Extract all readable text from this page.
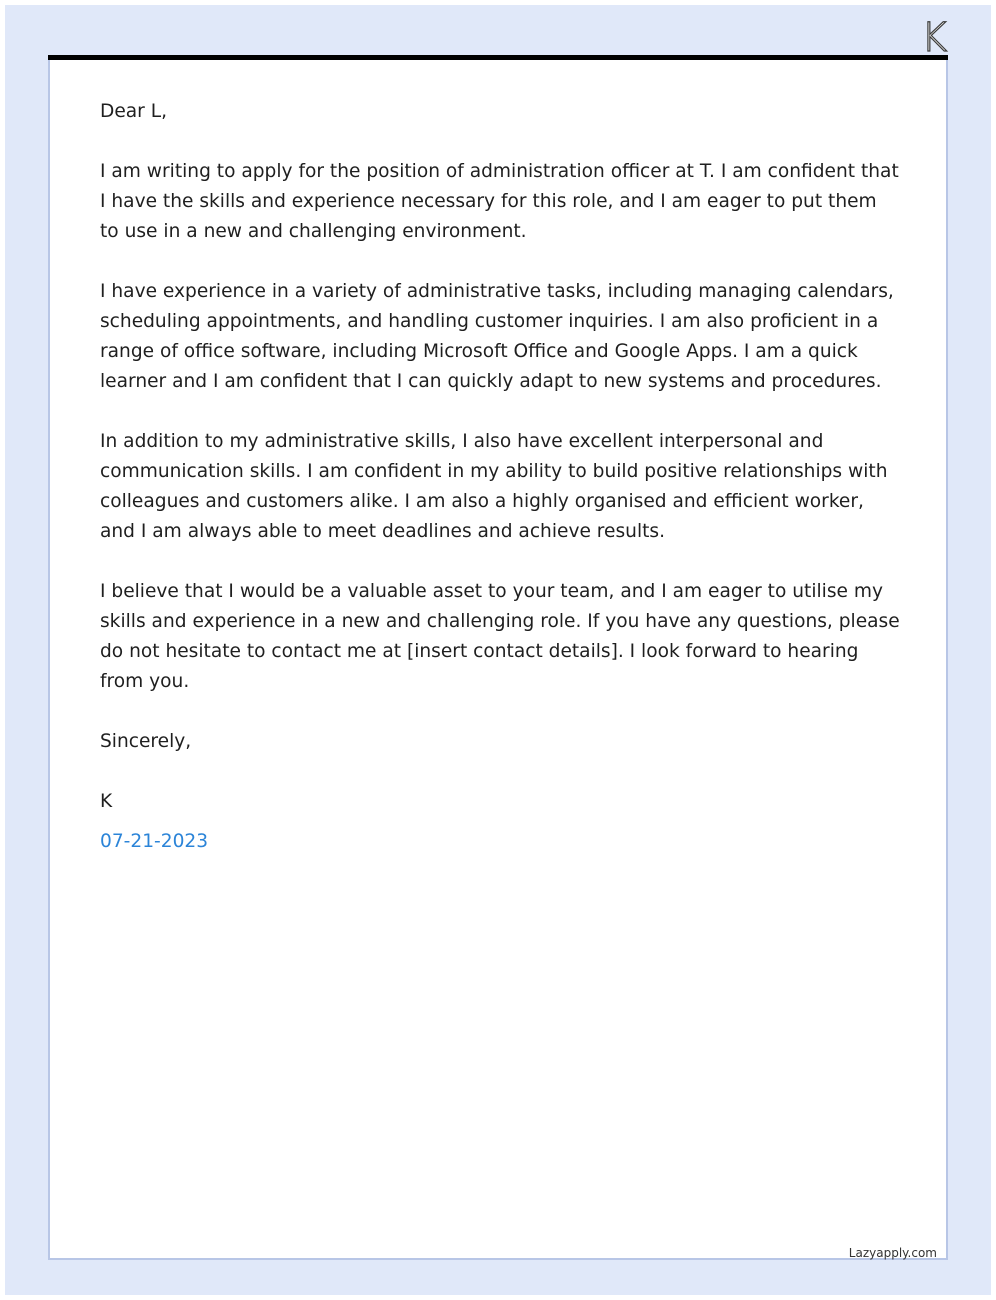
K

Dear L,

I am writing to apply for the position of administration officer at T. I am confident that I have the skills and experience necessary for this role, and I am eager to put them to use in a new and challenging environment.

I have experience in a variety of administrative tasks, including managing calendars, scheduling appointments, and handling customer inquiries. I am also proficient in a range of office software, including Microsoft Office and Google Apps. I am a quick learner and I am confident that I can quickly adapt to new systems and procedures.

In addition to my administrative skills, I also have excellent interpersonal and communication skills. I am confident in my ability to build positive relationships with colleagues and customers alike. I am also a highly organised and efficient worker, and I am always able to meet deadlines and achieve results.

I believe that I would be a valuable asset to your team, and I am eager to utilise my skills and experience in a new and challenging role. If you have any questions, please do not hesitate to contact me at [insert contact details]. I look forward to hearing from you.

Sincerely,

K

07-21-2023

Lazyapply.com
